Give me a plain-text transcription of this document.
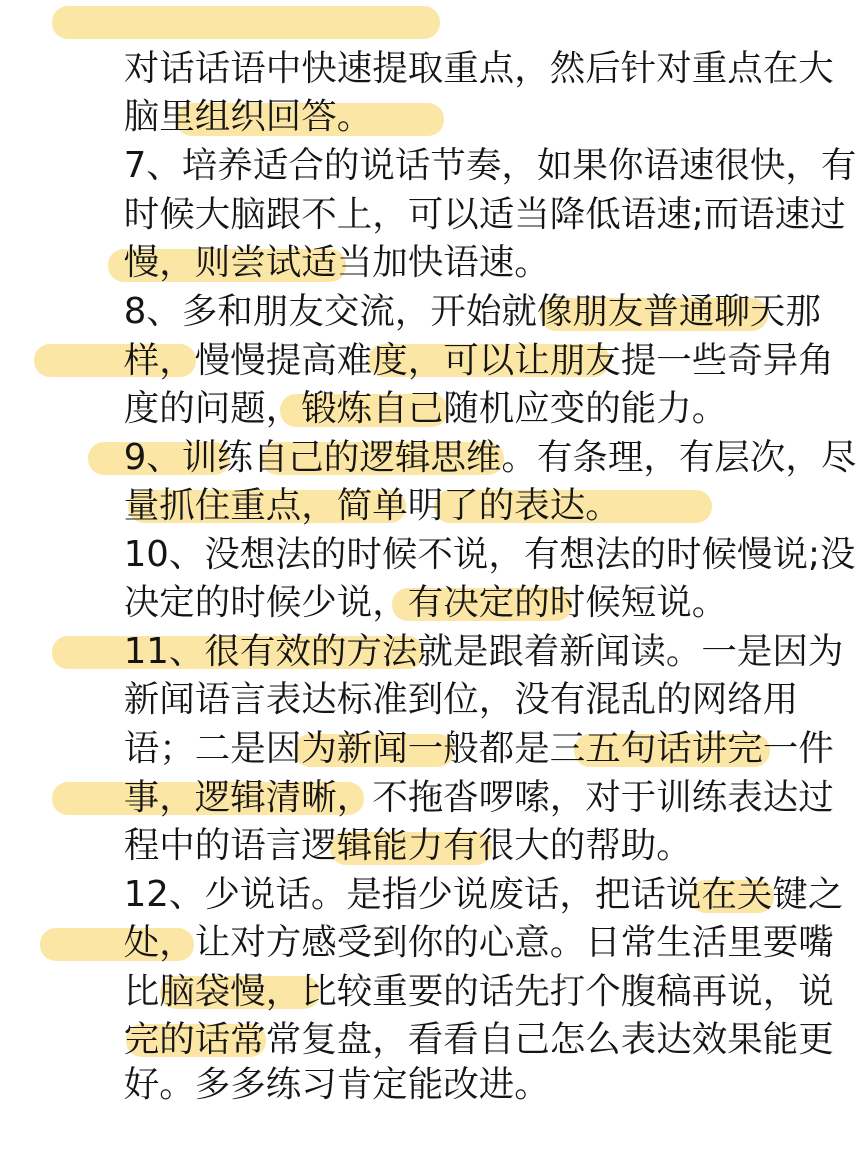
对话话语中快速提取重点，然后针对重点在大

脑里组织回答。

7、培养适合的说话节奏，如果你语速很快，有

时候大脑跟不上，可以适当降低语速;而语速过

慢，则尝试适当加快语速。

8、多和朋友交流，开始就像朋友普通聊天那

样，慢慢提高难度，可以让朋友提一些奇异角

度的问题，锻炼自己随机应变的能力。

9、训练自己的逻辑思维。有条理，有层次，尽

量抓住重点，简单明了的表达。

10、没想法的时候不说，有想法的时候慢说;没

决定的时候少说，有决定的时候短说。

11、很有效的方法就是跟着新闻读。一是因为

新闻语言表达标准到位，没有混乱的网络用

语；二是因为新闻一般都是三五句话讲完一件

事，逻辑清晰，不拖沓啰嗦，对于训练表达过

程中的语言逻辑能力有很大的帮助。

12、少说话。是指少说废话，把话说在关键之

处，让对方感受到你的心意。日常生活里要嘴

比脑袋慢，比较重要的话先打个腹稿再说，说

完的话常常复盘，看看自己怎么表达效果能更

好。多多练习肯定能改进。
